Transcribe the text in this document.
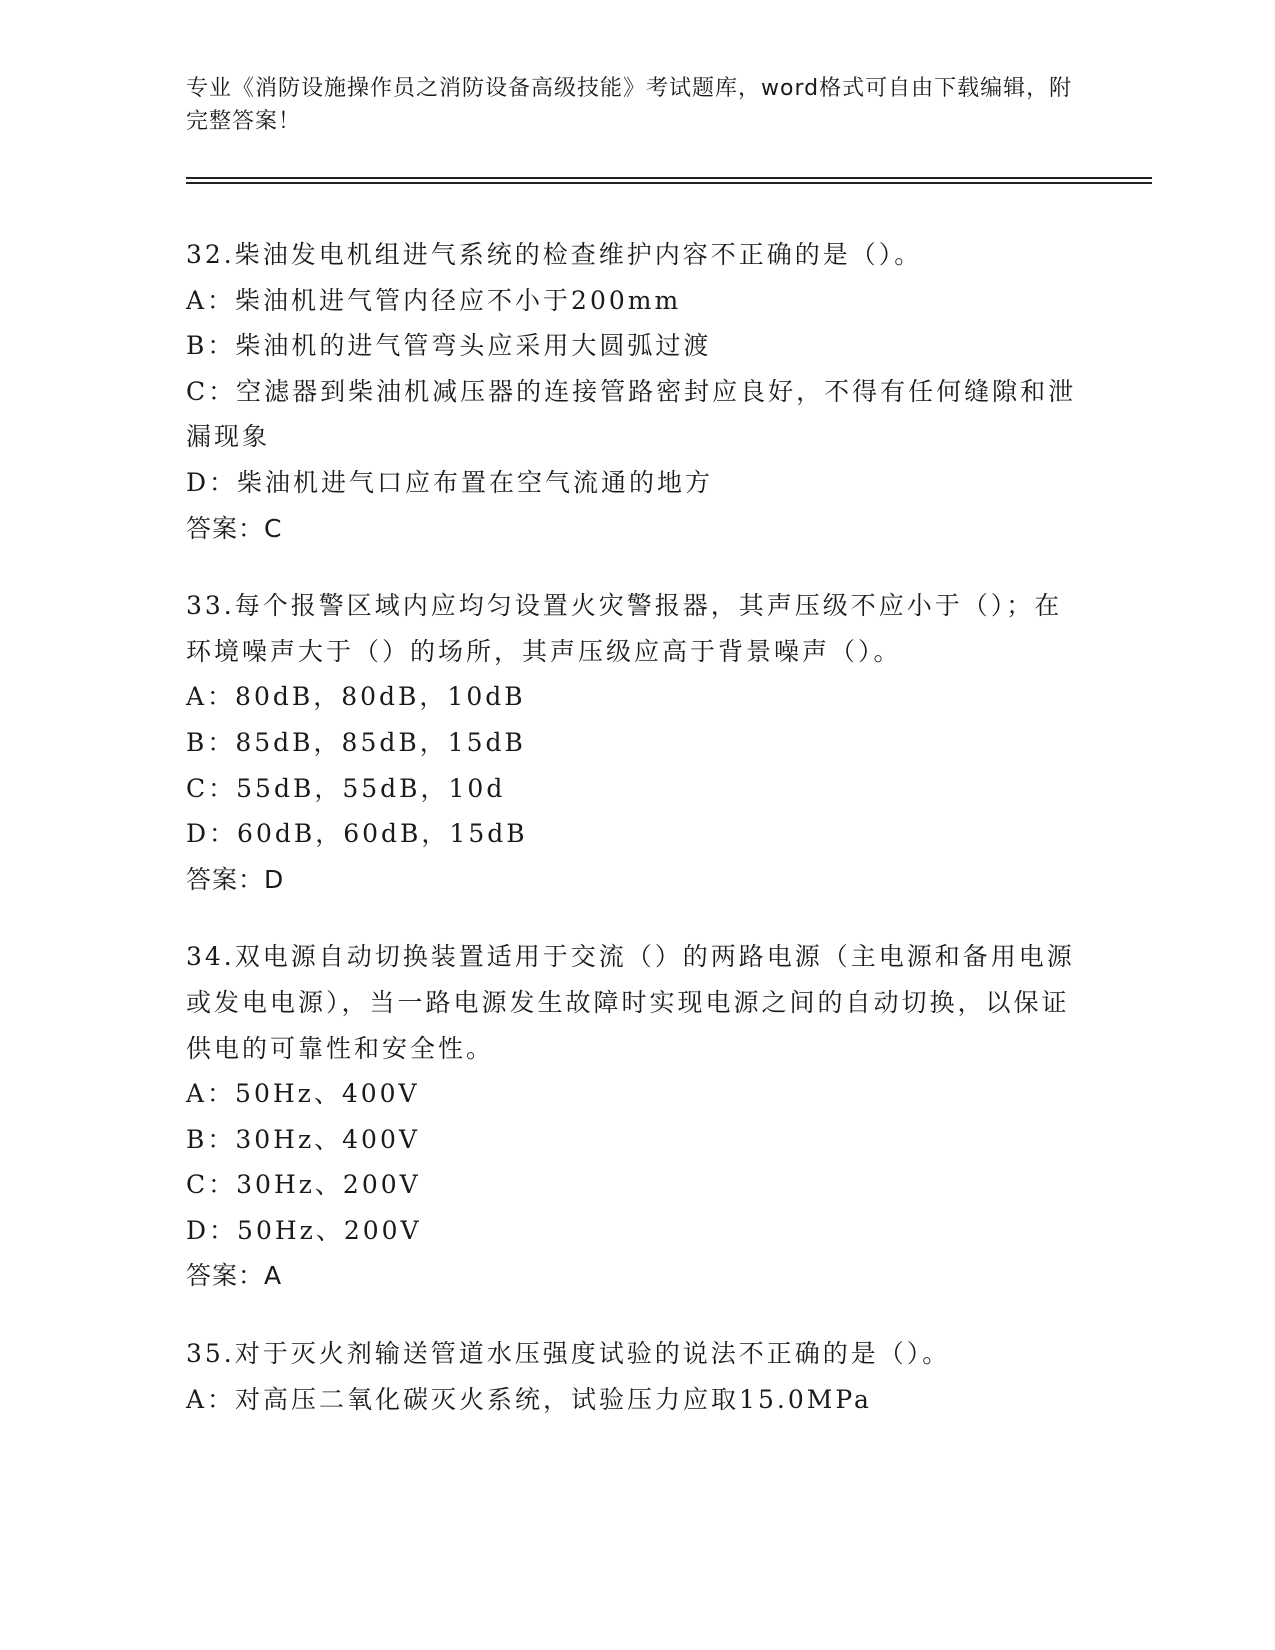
专业《消防设施操作员之消防设备高级技能》考试题库，word格式可自由下载编辑，附完整答案！
32.柴油发电机组进气系统的检查维护内容不正确的是（）。
A：柴油机进气管内径应不小于200mm
B：柴油机的进气管弯头应采用大圆弧过渡
C：空滤器到柴油机减压器的连接管路密封应良好，不得有任何缝隙和泄漏现象
D：柴油机进气口应布置在空气流通的地方
答案：C
33.每个报警区域内应均匀设置火灾警报器，其声压级不应小于（）；在环境噪声大于（）的场所，其声压级应高于背景噪声（）。
A：80dB，80dB，10dB
B：85dB，85dB，15dB
C：55dB，55dB，10d
D：60dB，60dB，15dB
答案：D
34.双电源自动切换装置适用于交流（）的两路电源（主电源和备用电源或发电电源），当一路电源发生故障时实现电源之间的自动切换，以保证供电的可靠性和安全性。
A：50Hz、400V
B：30Hz、400V
C：30Hz、200V
D：50Hz、200V
答案：A
35.对于灭火剂输送管道水压强度试验的说法不正确的是（）。
A：对高压二氧化碳灭火系统，试验压力应取15.0MPa
